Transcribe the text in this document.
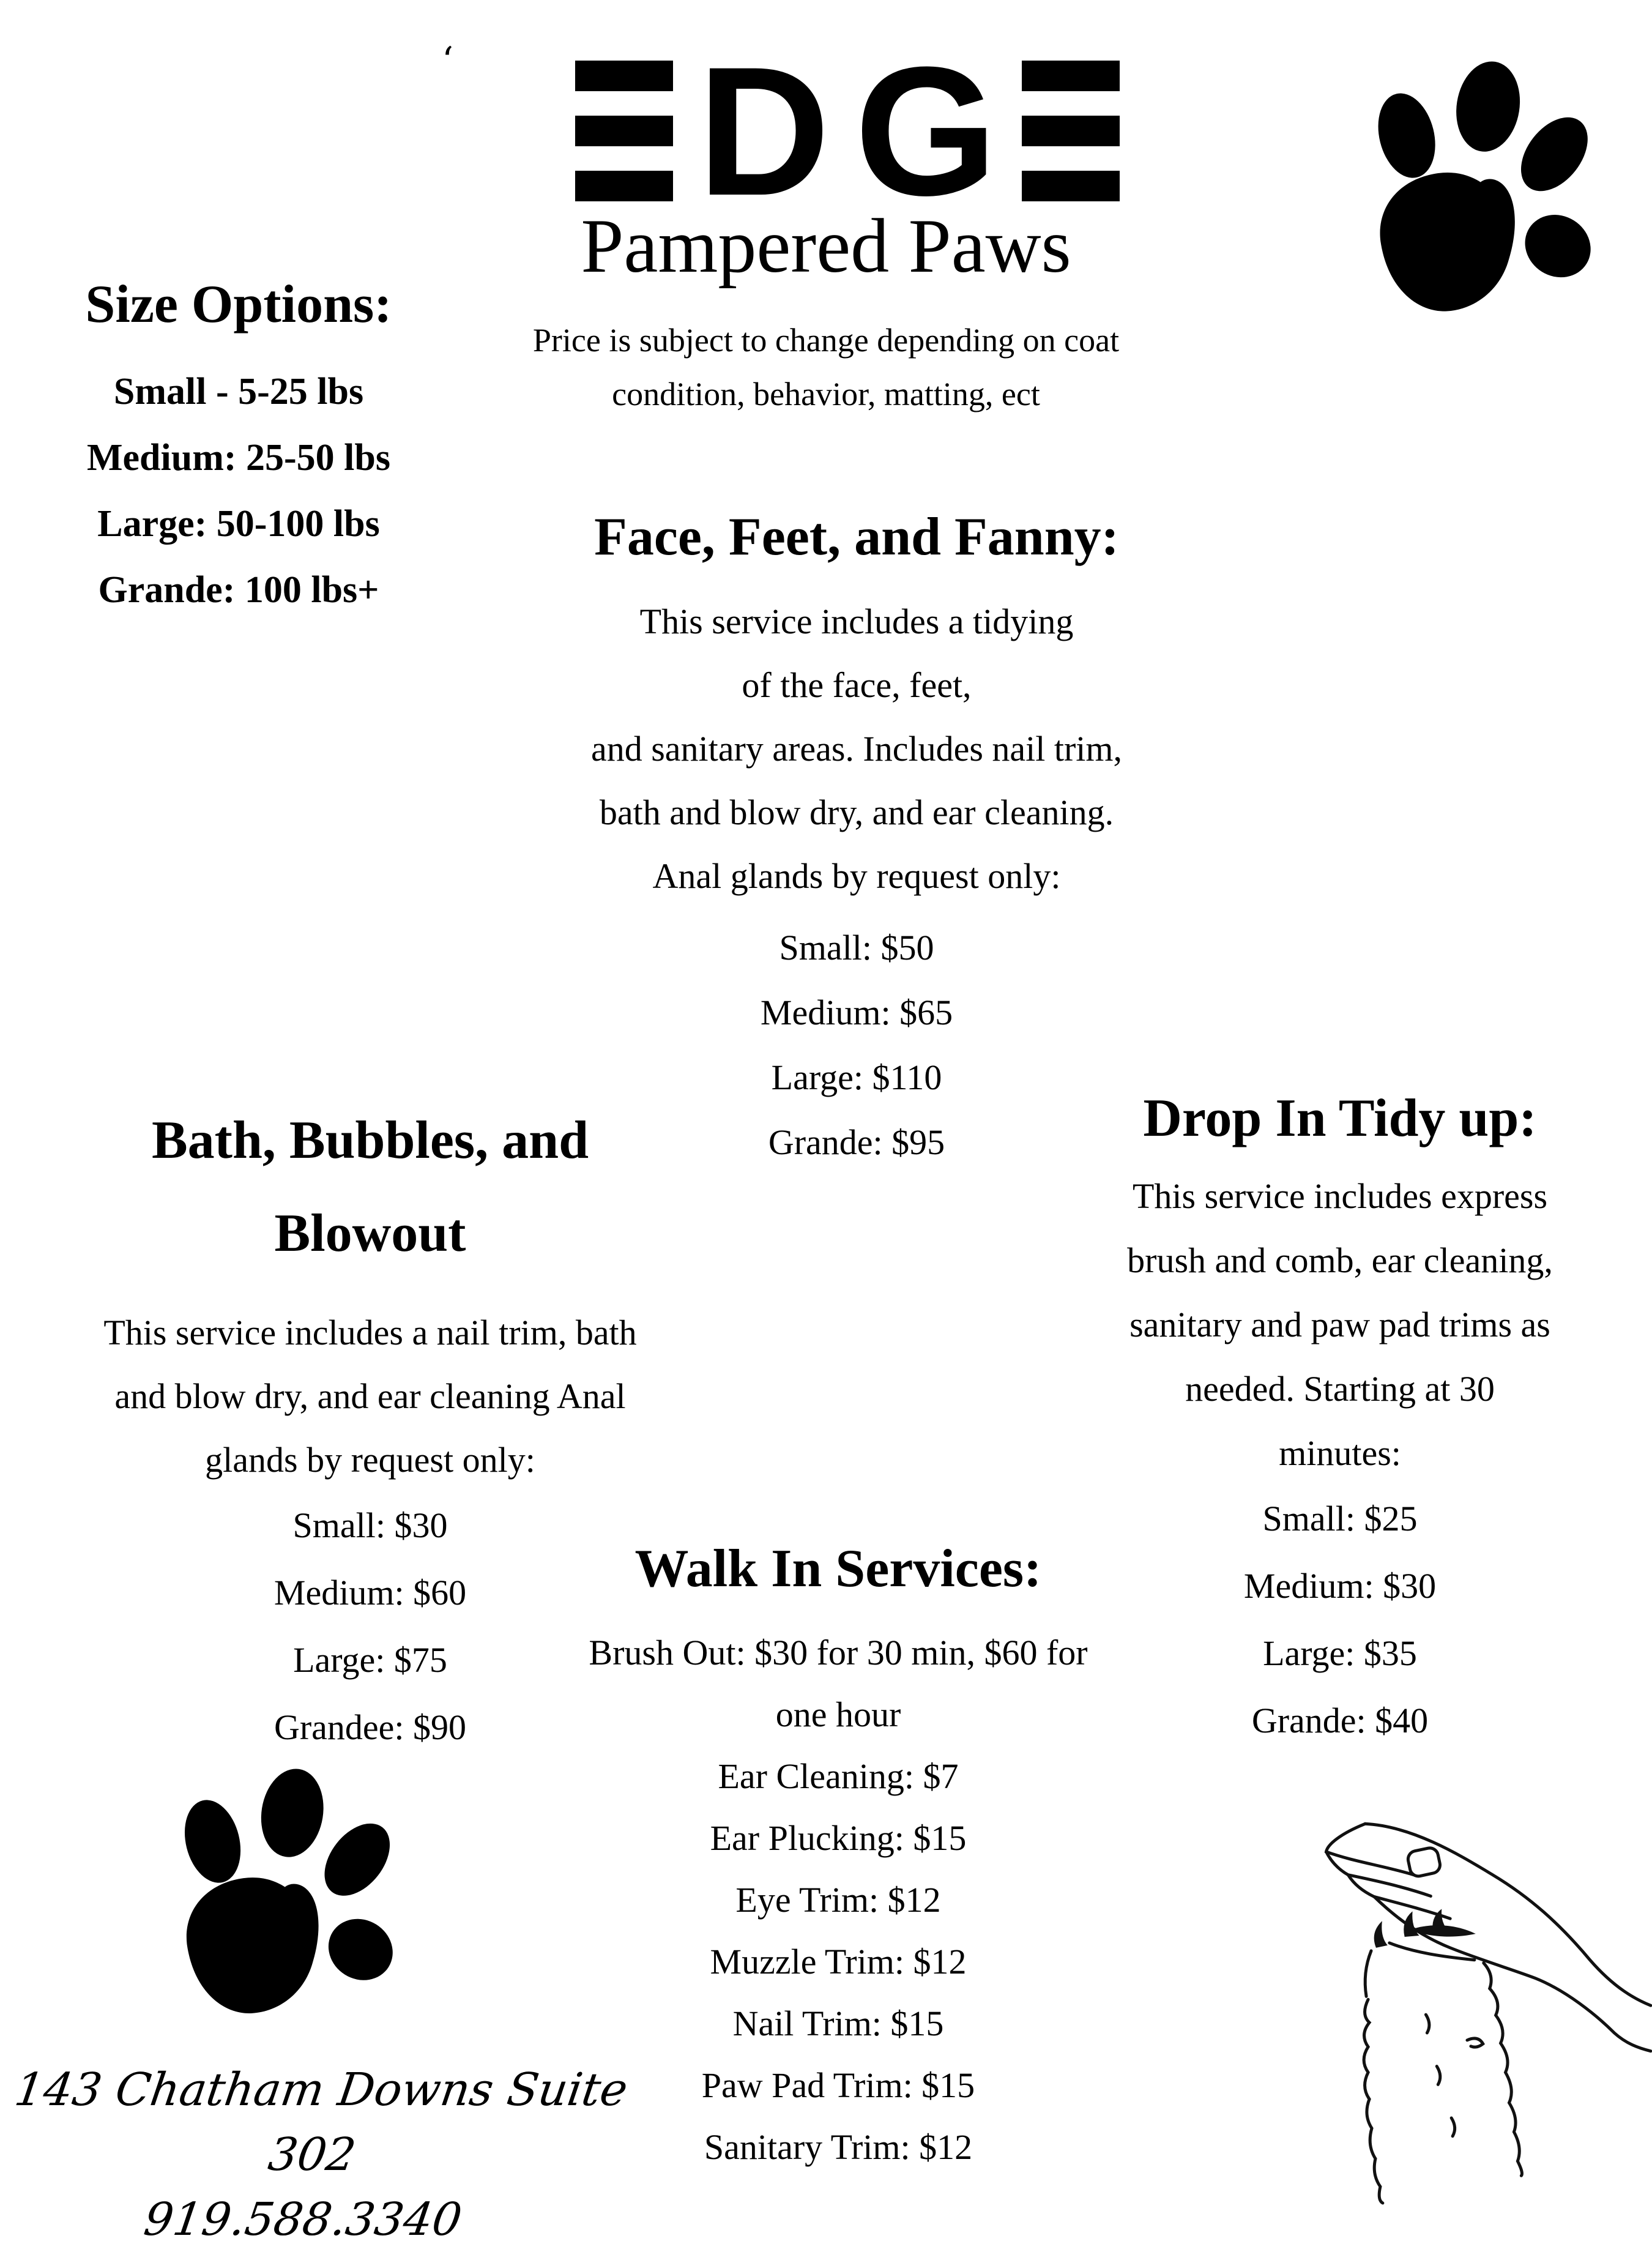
‘ D G
Pampered Paws
Price is subject to change depending on coat
condition, behavior, matting, ect
Size Options:
Small - 5-25 lbs
Medium: 25-50 lbs
Large: 50-100 lbs
Grande: 100 lbs+
Face, Feet, and Fanny:
This service includes a tidying
of the face, feet,
and sanitary areas. Includes nail trim,
bath and blow dry, and ear cleaning.
Anal glands by request only:
Small: $50
Medium: $65
Large: $110
Grande: $95
Bath, Bubbles, and
Blowout
This service includes a nail trim, bath
and blow dry, and ear cleaning Anal
glands by request only:
Small: $30
Medium: $60
Large: $75
Grandee: $90
Drop In Tidy up:
This service includes express
brush and comb, ear cleaning,
sanitary and paw pad trims as
needed. Starting at 30
minutes:
Small: $25
Medium: $30
Large: $35
Grande: $40
Walk In Services:
Brush Out: $30 for 30 min, $60 for
one hour
Ear Cleaning: $7
Ear Plucking: $15
Eye Trim: $12
Muzzle Trim: $12
Nail Trim: $15
Paw Pad Trim: $15
Sanitary Trim: $12
143 Chatham Downs Suite 302
919.588.3340
